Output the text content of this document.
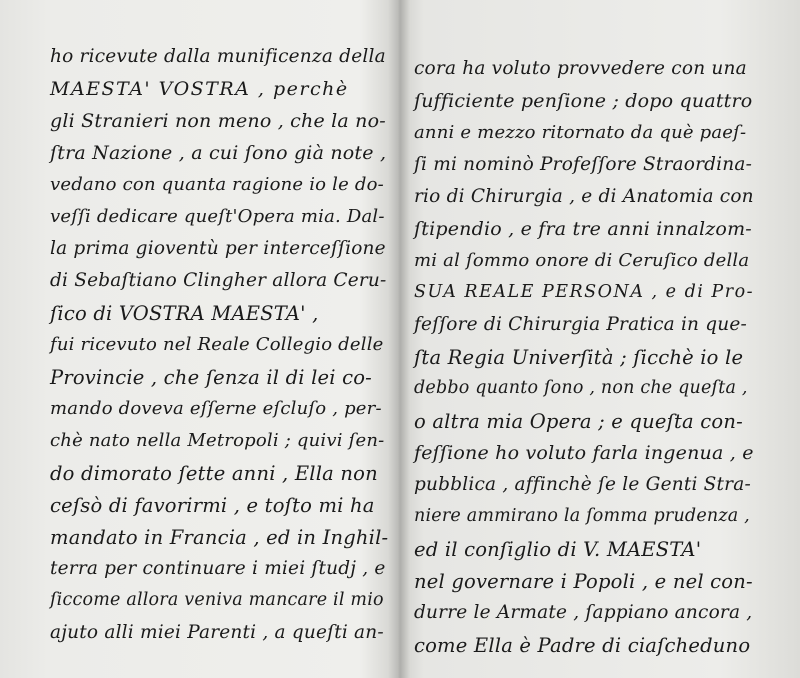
ho ricevute dalla munificenza della
MAESTA' VOSTRA , perchè
gli Stranieri non meno , che la no-
ſtra Nazione , a cui ſono già note ,
vedano con quanta ragione io le do-
veſſi dedicare queſt'Opera mia. Dal-
la prima gioventù per interceſſione
di Sebaſtiano Clingher allora Ceru-
ſico di VOSTRA MAESTA' ,
fui ricevuto nel Reale Collegio delle
Provincie , che ſenza il di lei co-
mando doveva eſſerne eſcluſo , per-
chè nato nella Metropoli ; quivi ſen-
do dimorato ſette anni , Ella non
ceſsò di favorirmi , e toſto mi ha
mandato in Francia , ed in Inghil-
terra per continuare i miei ſtudj , e
ſiccome allora veniva mancare il mio
ajuto alli miei Parenti , a queſti an-
cora ha voluto provvedere con una
ſufficiente penſione ; dopo quattro
anni e mezzo ritornato da què paeſ-
ſi mi nominò Profeſſore Straordina-
rio di Chirurgia , e di Anatomia con
ſtipendio , e fra tre anni innalzom-
mi al ſommo onore di Ceruſico della
SUA REALE PERSONA , e di Pro-
feſſore di Chirurgia Pratica in que-
ſta Regia Univerſità ; ſicchè io le
debbo quanto ſono , non che queſta ,
o altra mia Opera ; e queſta con-
feſſione ho voluto farla ingenua , e
pubblica , affinchè ſe le Genti Stra-
niere ammirano la ſomma prudenza ,
ed il conſiglio di V. MAESTA'
nel governare i Popoli , e nel con-
durre le Armate , ſappiano ancora ,
come Ella è Padre di ciaſcheduno
